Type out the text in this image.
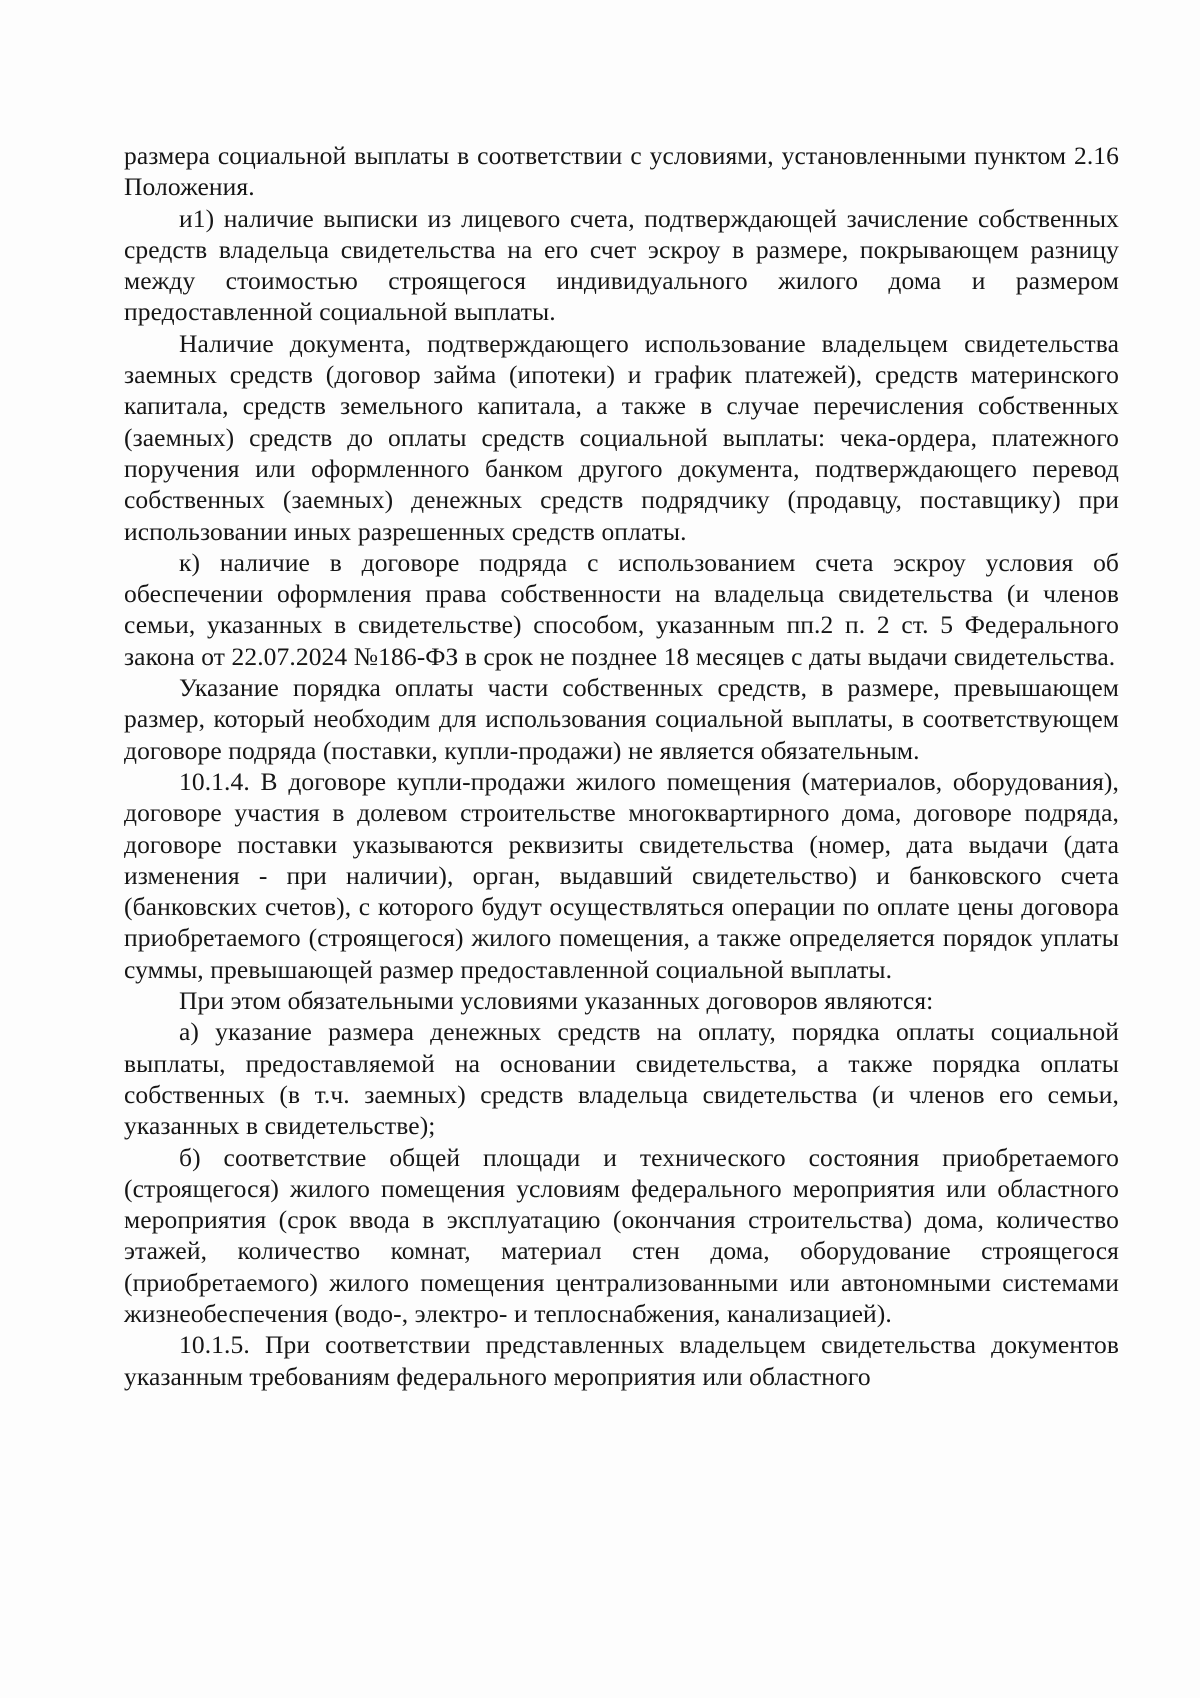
размера социальной выплаты в соответствии с условиями, установленными пунктом 2.16 Положения.

и1) наличие выписки из лицевого счета, подтверждающей зачисление собственных средств владельца свидетельства на его счет эскроу в размере, покрывающем разницу между стоимостью строящегося индивидуального жилого дома и размером предоставленной социальной выплаты.

Наличие документа, подтверждающего использование владельцем свидетельства заемных средств (договор займа (ипотеки) и график платежей), средств материнского капитала, средств земельного капитала, а также в случае перечисления собственных (заемных) средств до оплаты средств социальной выплаты: чека-ордера, платежного поручения или оформленного банком другого документа, подтверждающего перевод собственных (заемных) денежных средств подрядчику (продавцу, поставщику) при использовании иных разрешенных средств оплаты.

к) наличие в договоре подряда с использованием счета эскроу условия об обеспечении оформления права собственности на владельца свидетельства (и членов семьи, указанных в свидетельстве) способом, указанным пп.2 п. 2 ст. 5 Федерального закона от 22.07.2024 №186-ФЗ в срок не позднее 18 месяцев с даты выдачи свидетельства.

Указание порядка оплаты части собственных средств, в размере, превышающем размер, который необходим для использования социальной выплаты, в соответствующем договоре подряда (поставки, купли-продажи) не является обязательным.

10.1.4. В договоре купли-продажи жилого помещения (материалов, оборудования), договоре участия в долевом строительстве многоквартирного дома, договоре подряда, договоре поставки указываются реквизиты свидетельства (номер, дата выдачи (дата изменения - при наличии), орган, выдавший свидетельство) и банковского счета (банковских счетов), с которого будут осуществляться операции по оплате цены договора приобретаемого (строящегося) жилого помещения, а также определяется порядок уплаты суммы, превышающей размер предоставленной социальной выплаты.

При этом обязательными условиями указанных договоров являются:

а) указание размера денежных средств на оплату, порядка оплаты социальной выплаты, предоставляемой на основании свидетельства, а также порядка оплаты собственных (в т.ч. заемных) средств владельца свидетельства (и членов его семьи, указанных в свидетельстве);

б) соответствие общей площади и технического состояния приобретаемого (строящегося) жилого помещения условиям федерального мероприятия или областного мероприятия (срок ввода в эксплуатацию (окончания строительства) дома, количество этажей, количество комнат, материал стен дома, оборудование строящегося (приобретаемого) жилого помещения централизованными или автономными системами жизнеобеспечения (водо-, электро- и теплоснабжения, канализацией).

10.1.5. При соответствии представленных владельцем свидетельства документов указанным требованиям федерального мероприятия или областного
